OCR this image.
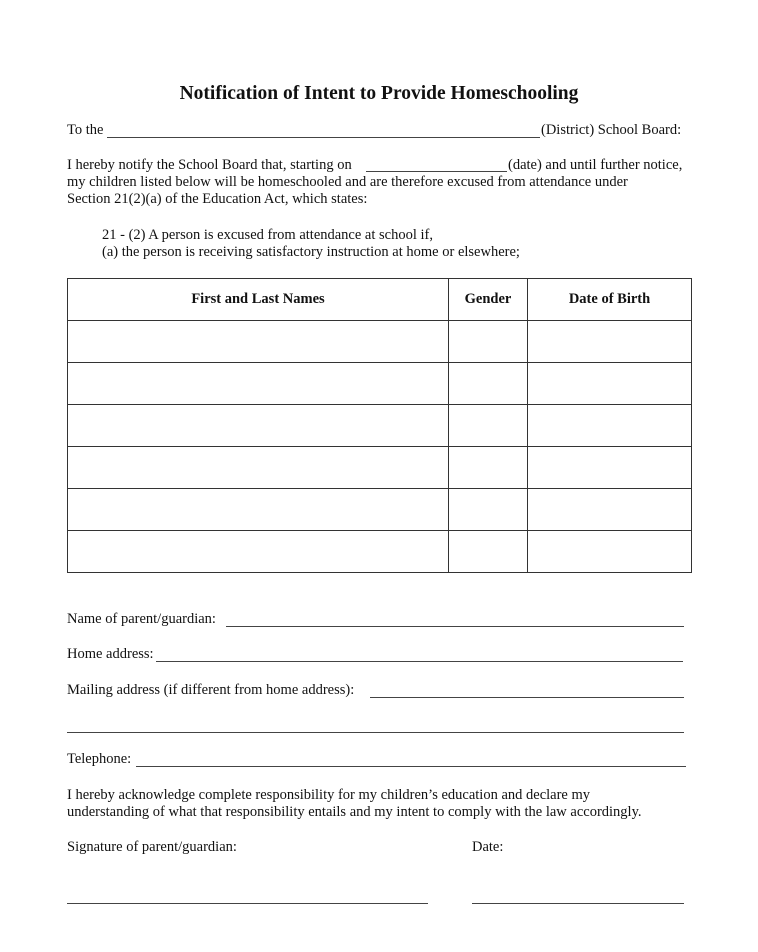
Notification of Intent to Provide Homeschooling
To the	(District) School Board:
I hereby notify the School Board that, starting on	(date) and until further notice,
my children listed below will be homeschooled and are therefore excused from attendance under
Section 21(2)(a) of the Education Act, which states:
21 - (2) A person is excused from attendance at school if,
(a) the person is receiving satisfactory instruction at home or elsewhere;
First and Last Names	Gender	Date of Birth

Name of parent/guardian:
Home address:
Mailing address (if different from home address):
Telephone:
I hereby acknowledge complete responsibility for my children’s education and declare my
understanding of what that responsibility entails and my intent to comply with the law accordingly.
Signature of parent/guardian:	Date:
